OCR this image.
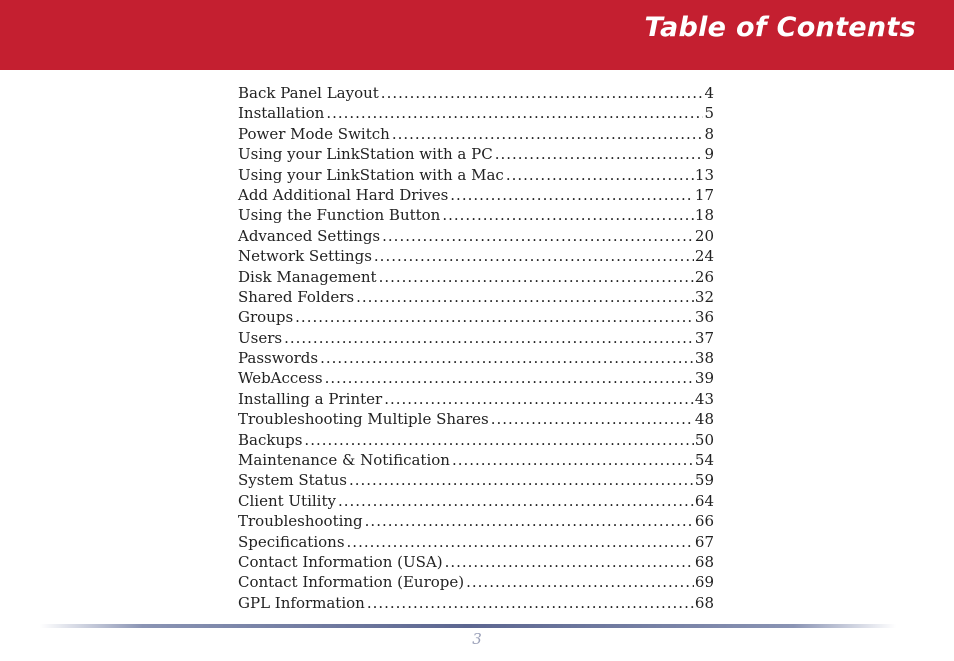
Table of Contents
Back Panel Layout .....	4
Installation .....	5
Power Mode Switch .....	8
Using your LinkStation with a PC .....	9
Using your LinkStation with a Mac .....	13
Add Additional Hard Drives .....	17
Using the Function Button .....	18
Advanced Settings .....	20
Network Settings .....	24
Disk Management .....	26
Shared Folders .....	32
Groups .....	36
Users .....	37
Passwords .....	38
WebAccess .....	39
Installing a Printer .....	43
Troubleshooting Multiple Shares .....	48
Backups .....	50
Maintenance & Notification .....	54
System Status .....	59
Client Utility .....	64
Troubleshooting .....	66
Specifications .....	67
Contact Information (USA) .....	68
Contact Information (Europe) .....	69
GPL Information .....	68
3
